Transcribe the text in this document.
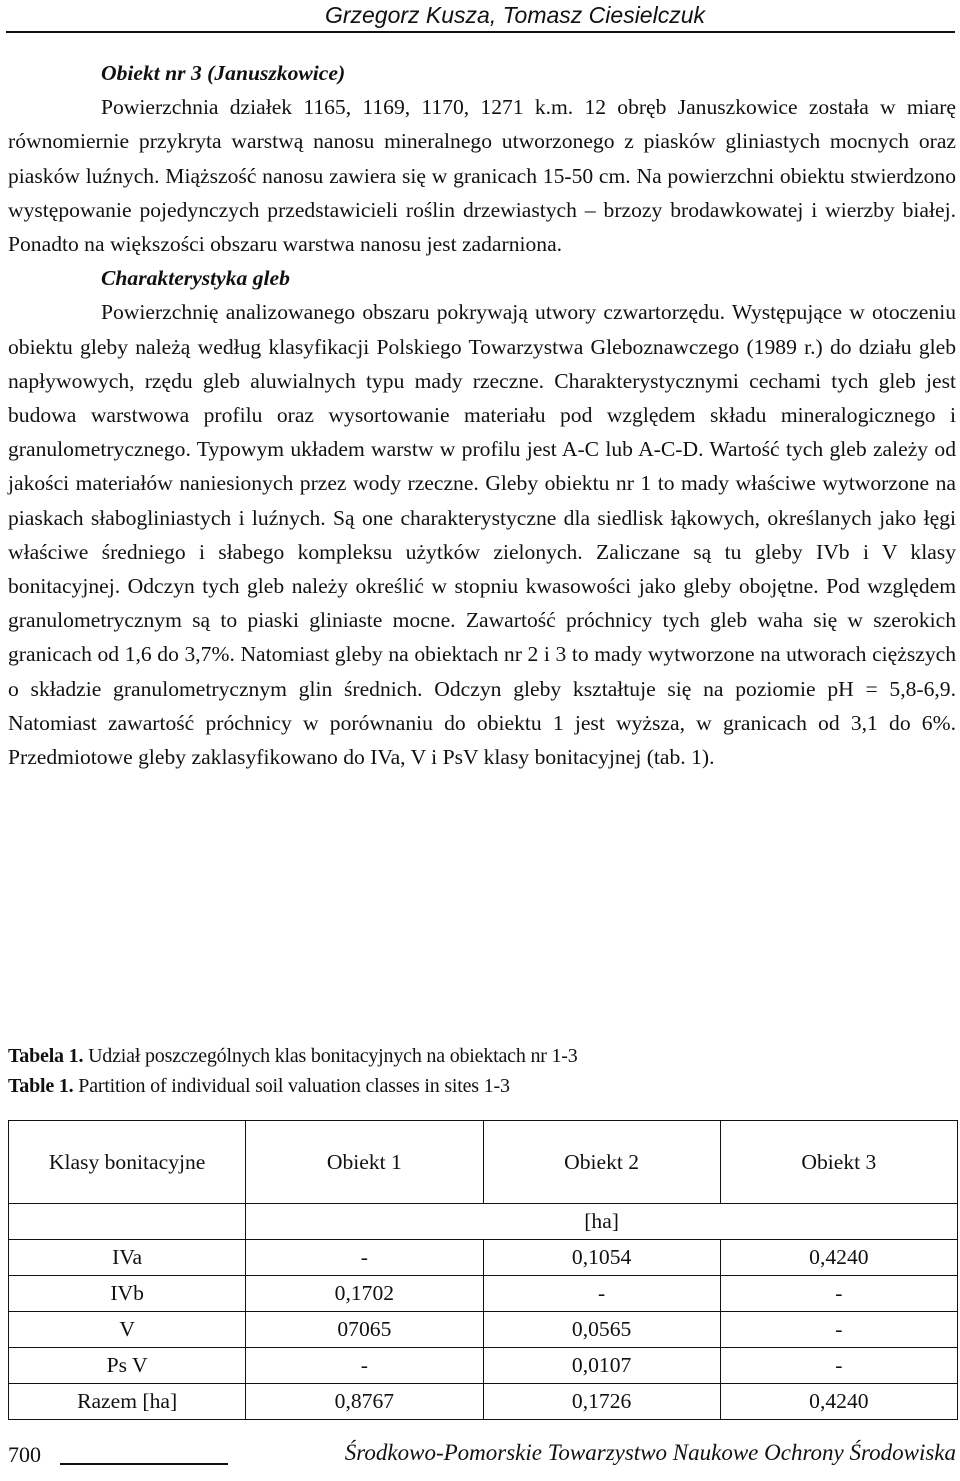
Grzegorz Kusza, Tomasz Ciesielczuk
Obiekt nr 3 (Januszkowice)

Powierzchnia działek 1165, 1169, 1170, 1271 k.m. 12 obręb Januszkowice została w miarę równomiernie przykryta warstwą nanosu mineralnego utworzonego z piasków gliniastych mocnych oraz piasków luźnych. Miąższość nanosu zawiera się w granicach 15-50 cm. Na powierzchni obiektu stwierdzono występowanie pojedynczych przedstawicieli roślin drzewiastych – brzozy brodawkowatej i wierzby białej. Ponadto na większości obszaru warstwa nanosu jest zadarniona.

Charakterystyka gleb

Powierzchnię analizowanego obszaru pokrywają utwory czwartorzędu. Występujące w otoczeniu obiektu gleby należą według klasyfikacji Polskiego Towarzystwa Gleboznawczego (1989 r.) do działu gleb napływowych, rzędu gleb aluwialnych typu mady rzeczne. Charakterystycznymi cechami tych gleb jest budowa warstwowa profilu oraz wysortowanie materiału pod względem składu mineralogicznego i granulometrycznego. Typowym układem warstw w profilu jest A-C lub A-C-D. Wartość tych gleb zależy od jakości materiałów naniesionych przez wody rzeczne. Gleby obiektu nr 1 to mady właściwe wytworzone na piaskach słabogliniastych i luźnych. Są one charakterystyczne dla siedlisk łąkowych, określanych jako łęgi właściwe średniego i słabego kompleksu użytków zielonych. Zaliczane są tu gleby IVb i V klasy bonitacyjnej. Odczyn tych gleb należy określić w stopniu kwasowości jako gleby obojętne. Pod względem granulometrycznym są to piaski gliniaste mocne. Zawartość próchnicy tych gleb waha się w szerokich granicach od 1,6 do 3,7%. Natomiast gleby na obiektach nr 2 i 3 to mady wytworzone na utworach cięższych o składzie granulometrycznym glin średnich. Odczyn gleby kształtuje się na poziomie pH = 5,8-6,9. Natomiast zawartość próchnicy w porównaniu do obiektu 1 jest wyższa, w granicach od 3,1 do 6%. Przedmiotowe gleby zaklasyfikowano do IVa, V i PsV klasy bonitacyjnej (tab. 1).

Tabela 1. Udział poszczególnych klas bonitacyjnych na obiektach nr 1-3
Table 1. Partition of individual soil valuation classes in sites 1-3
Klasy bonitacyjne	Obiekt 1	Obiekt 2	Obiekt 3
	[ha]		
IVa	-	0,1054	0,4240
IVb	0,1702	-	-
V	07065	0,0565	-
Ps V	-	0,0107	-
Razem [ha]	0,8767	0,1726	0,4240
700	Środkowo-Pomorskie Towarzystwo Naukowe Ochrony Środowiska
